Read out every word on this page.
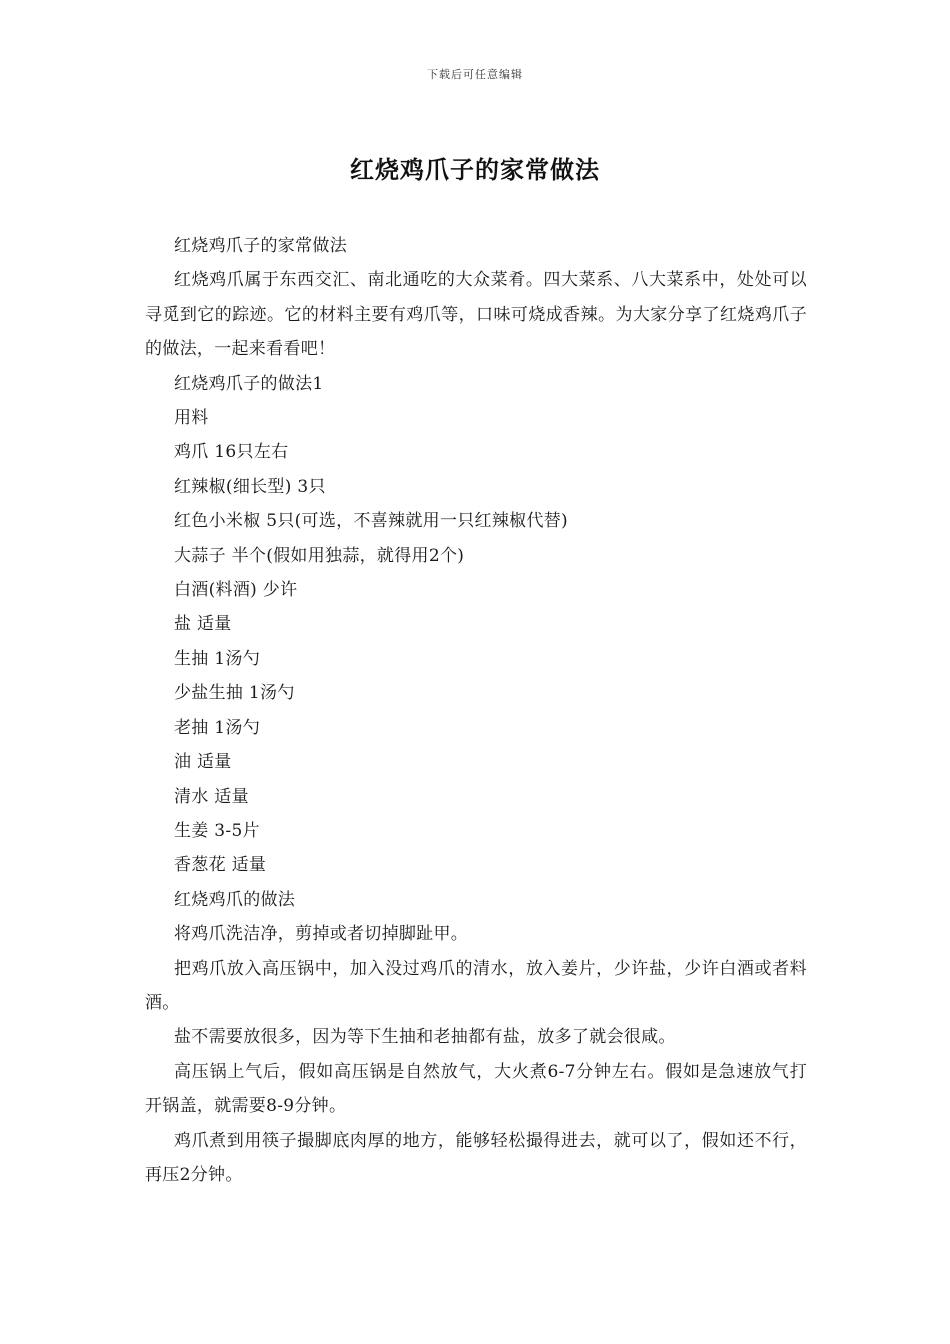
下载后可任意编辑
红烧鸡爪子的家常做法

红烧鸡爪子的家常做法

红烧鸡爪属于东西交汇、南北通吃的大众菜肴。四大菜系、八大菜系中，处处可以寻觅到它的踪迹。它的材料主要有鸡爪等，口味可烧成香辣。为大家分享了红烧鸡爪子的做法，一起来看看吧！

红烧鸡爪子的做法1

用料

鸡爪 16只左右

红辣椒(细长型) 3只

红色小米椒 5只(可选，不喜辣就用一只红辣椒代替)

大蒜子 半个(假如用独蒜，就得用2个)

白酒(料酒) 少许

盐 适量

生抽 1汤勺

少盐生抽 1汤勺

老抽 1汤勺

油 适量

清水 适量

生姜 3-5片

香葱花 适量

红烧鸡爪的做法

将鸡爪洗洁净，剪掉或者切掉脚趾甲。

把鸡爪放入高压锅中，加入没过鸡爪的清水，放入姜片，少许盐，少许白酒或者料酒。

盐不需要放很多，因为等下生抽和老抽都有盐，放多了就会很咸。

高压锅上气后，假如高压锅是自然放气，大火煮6-7分钟左右。假如是急速放气打开锅盖，就需要8-9分钟。

鸡爪煮到用筷子撮脚底肉厚的地方，能够轻松撮得进去，就可以了，假如还不行，再压2分钟。
